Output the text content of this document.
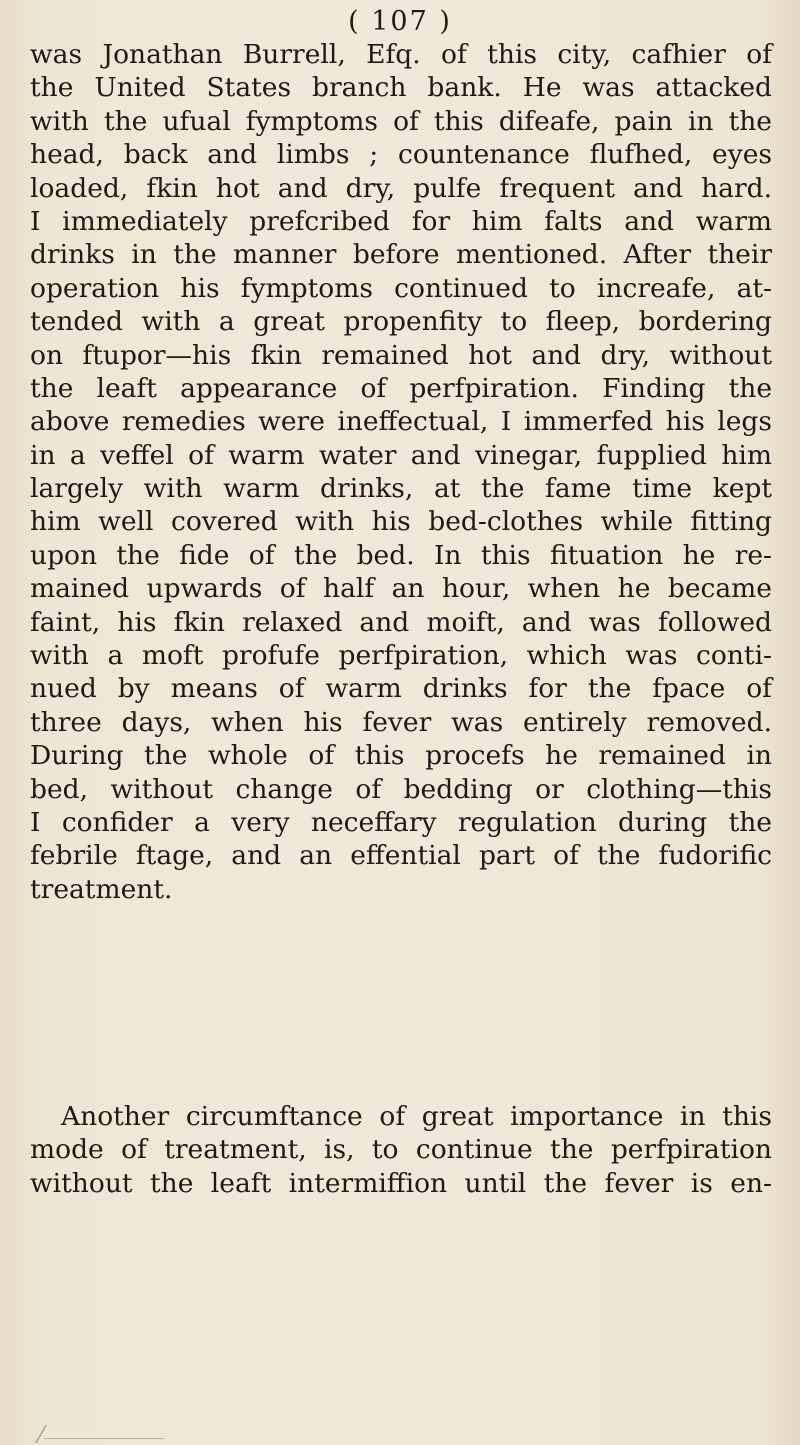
( 107 )
was Jonathan Burrell, Efq. of this city, cafhier of
the United States branch bank. He was attacked
with the ufual fymptoms of this difeafe, pain in the
head, back and limbs ; countenance flufhed, eyes
loaded, fkin hot and dry, pulfe frequent and hard.
I immediately prefcribed for him falts and warm
drinks in the manner before mentioned. After their
operation his fymptoms continued to increafe, at-
tended with a great propenfity to fleep, bordering
on ftupor—his fkin remained hot and dry, without
the leaft appearance of perfpiration. Finding the
above remedies were ineffectual, I immerfed his legs
in a veffel of warm water and vinegar, fupplied him
largely with warm drinks, at the fame time kept
him well covered with his bed-clothes while fitting
upon the fide of the bed. In this fituation he re-
mained upwards of half an hour, when he became
faint, his fkin relaxed and moift, and was followed
with a moft profufe perfpiration, which was conti-
nued by means of warm drinks for the fpace of
three days, when his fever was entirely removed.
During the whole of this procefs he remained in
bed, without change of bedding or clothing—this
I confider a very neceffary regulation during the
febrile ftage, and an effential part of the fudorific
treatment.
Another circumftance of great importance in this
mode of treatment, is, to continue the perfpiration
without the leaft intermiffion until the fever is en-
